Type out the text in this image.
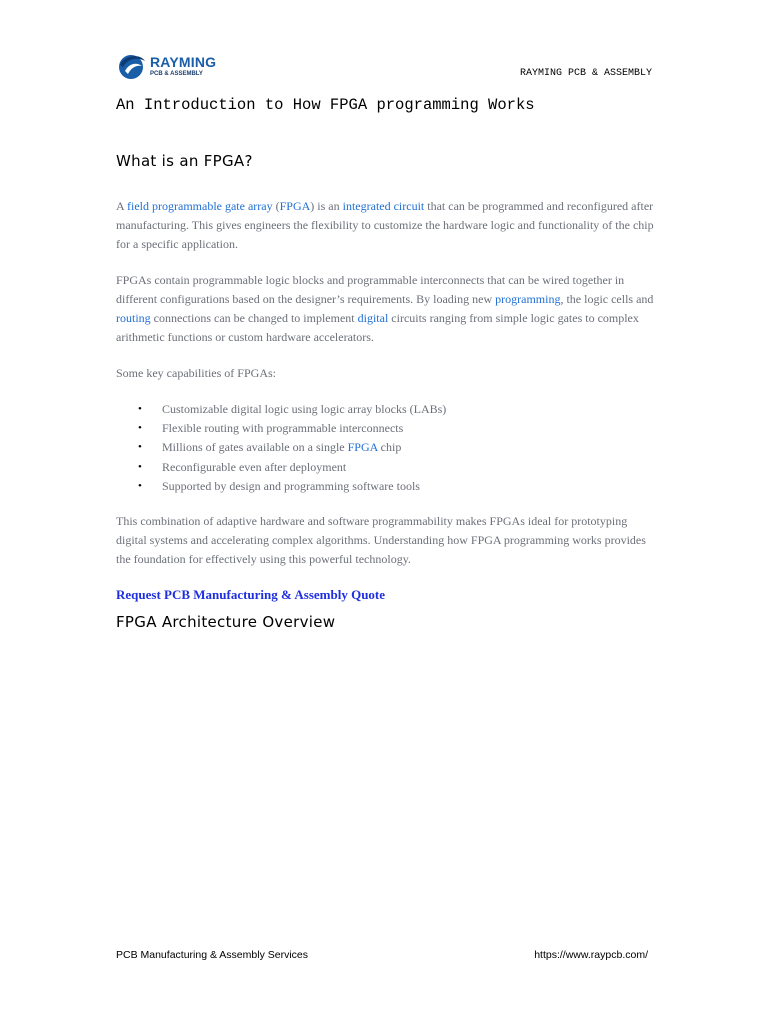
RAYMING
PCB & ASSEMBLY	RAYMING PCB & ASSEMBLY
An Introduction to How FPGA programming Works
What is an FPGA?

A field programmable gate array (FPGA) is an integrated circuit that can be programmed and reconfigured after manufacturing. This gives engineers the flexibility to customize the hardware logic and functionality of the chip for a specific application.

FPGAs contain programmable logic blocks and programmable interconnects that can be wired together in different configurations based on the designer’s requirements. By loading new programming, the logic cells and routing connections can be changed to implement digital circuits ranging from simple logic gates to complex arithmetic functions or custom hardware accelerators.

Some key capabilities of FPGAs:

• Customizable digital logic using logic array blocks (LABs)
• Flexible routing with programmable interconnects
• Millions of gates available on a single FPGA chip
• Reconfigurable even after deployment
• Supported by design and programming software tools

This combination of adaptive hardware and software programmability makes FPGAs ideal for prototyping digital systems and accelerating complex algorithms. Understanding how FPGA programming works provides the foundation for effectively using this powerful technology.

Request PCB Manufacturing & Assembly Quote
FPGA Architecture Overview
PCB Manufacturing & Assembly Services	https://www.raypcb.com/
